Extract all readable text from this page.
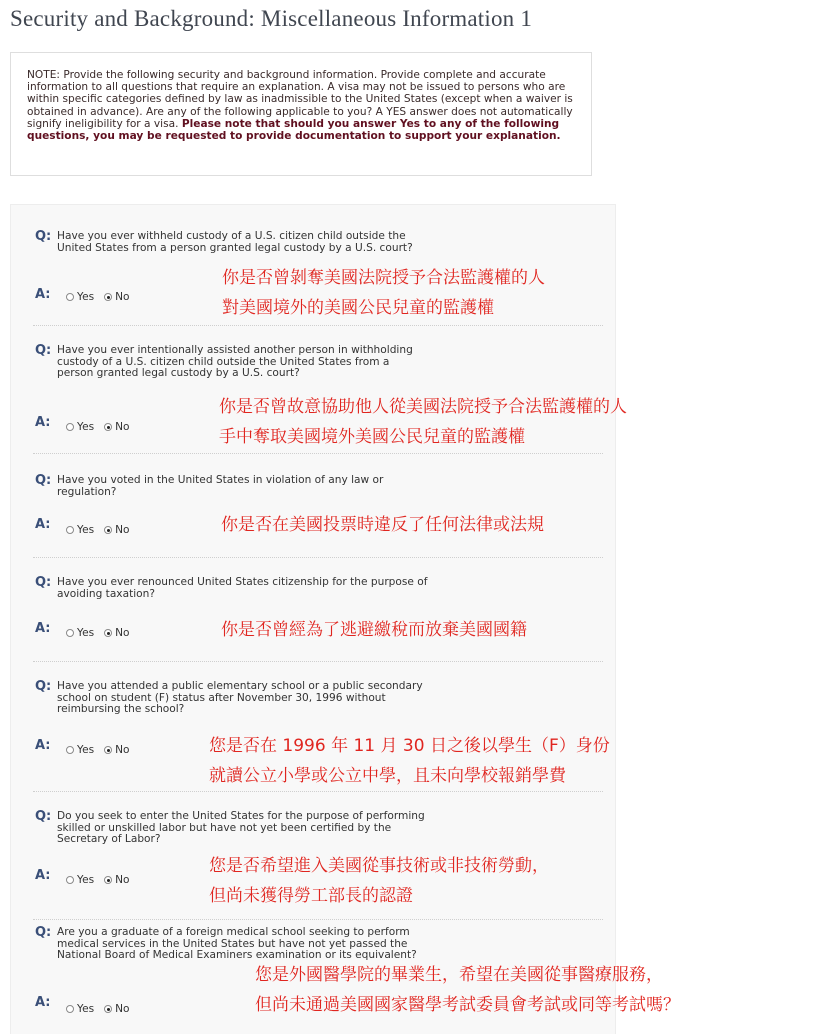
Security and Background: Miscellaneous Information 1
NOTE: Provide the following security and background information. Provide complete and accurate information to all questions that require an explanation. A visa may not be issued to persons who are within specific categories defined by law as inadmissible to the United States (except when a waiver is obtained in advance). Are any of the following applicable to you? A YES answer does not automatically signify ineligibility for a visa. Please note that should you answer Yes to any of the following questions, you may be requested to provide documentation to support your explanation.
Q: Have you ever withheld custody of a U.S. citizen child outside the United States from a person granted legal custody by a U.S. court?
A: Yes No
你是否曾剝奪美國法院授予合法監護權的人
對美國境外的美國公民兒童的監護權
Q: Have you ever intentionally assisted another person in withholding custody of a U.S. citizen child outside the United States from a person granted legal custody by a U.S. court?
A: Yes No
你是否曾故意協助他人從美國法院授予合法監護權的人
手中奪取美國境外美國公民兒童的監護權
Q: Have you voted in the United States in violation of any law or regulation?
A: Yes No	你是否在美國投票時違反了任何法律或法規
Q: Have you ever renounced United States citizenship for the purpose of avoiding taxation?
A: Yes No	你是否曾經為了逃避繳稅而放棄美國國籍
Q: Have you attended a public elementary school or a public secondary school on student (F) status after November 30, 1996 without reimbursing the school?
A: Yes No	您是否在 1996 年 11 月 30 日之後以學生（F）身份
就讀公立小學或公立中學，且未向學校報銷學費
Q: Do you seek to enter the United States for the purpose of performing skilled or unskilled labor but have not yet been certified by the Secretary of Labor?
A: Yes No
您是否希望進入美國從事技術或非技術勞動，
但尚未獲得勞工部長的認證
Q: Are you a graduate of a foreign medical school seeking to perform medical services in the United States but have not yet passed the National Board of Medical Examiners examination or its equivalent?
A: Yes No
您是外國醫學院的畢業生，希望在美國從事醫療服務，
但尚未通過美國國家醫學考試委員會考試或同等考試嗎？
